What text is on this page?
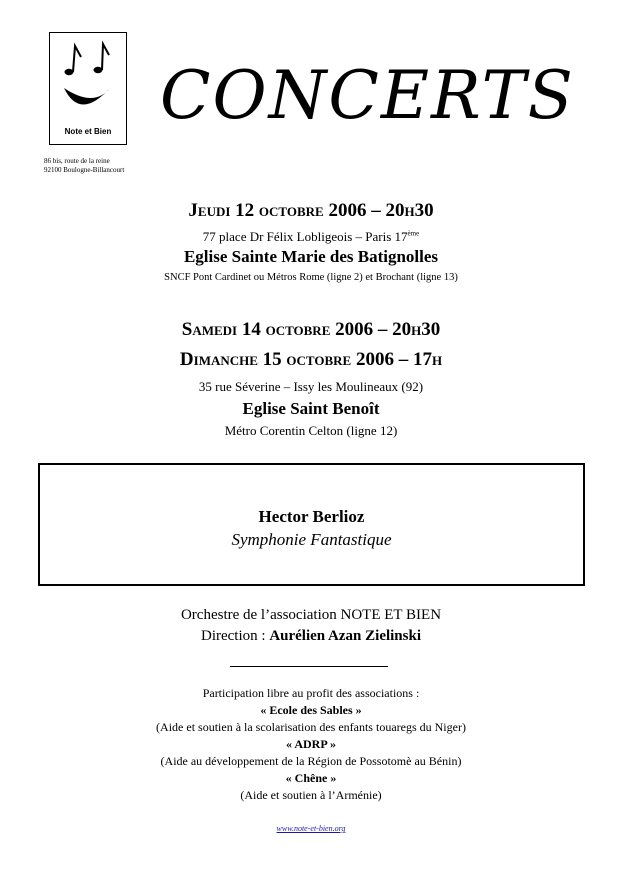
Note et Bien
86 bis, route de la reine
92100 Boulogne-Billancourt
CONCERTS
Jeudi 12 octobre 2006 – 20h30
77 place Dr Félix Lobligeois – Paris 17ème
Eglise Sainte Marie des Batignolles
SNCF Pont Cardinet ou Métros Rome (ligne 2) et Brochant (ligne 13)
Samedi 14 octobre 2006 – 20h30
Dimanche 15 octobre 2006 – 17h
35 rue Séverine – Issy les Moulineaux (92)
Eglise Saint Benoît
Métro Corentin Celton (ligne 12)
Hector Berlioz
Symphonie Fantastique
Orchestre de l’association NOTE ET BIEN
Direction : Aurélien Azan Zielinski
Participation libre au profit des associations :
« Ecole des Sables »
(Aide et soutien à la scolarisation des enfants touaregs du Niger)
« ADRP »
(Aide au développement de la Région de Possotomè au Bénin)
« Chêne »
(Aide et soutien à l’Arménie)
www.note-et-bien.org
